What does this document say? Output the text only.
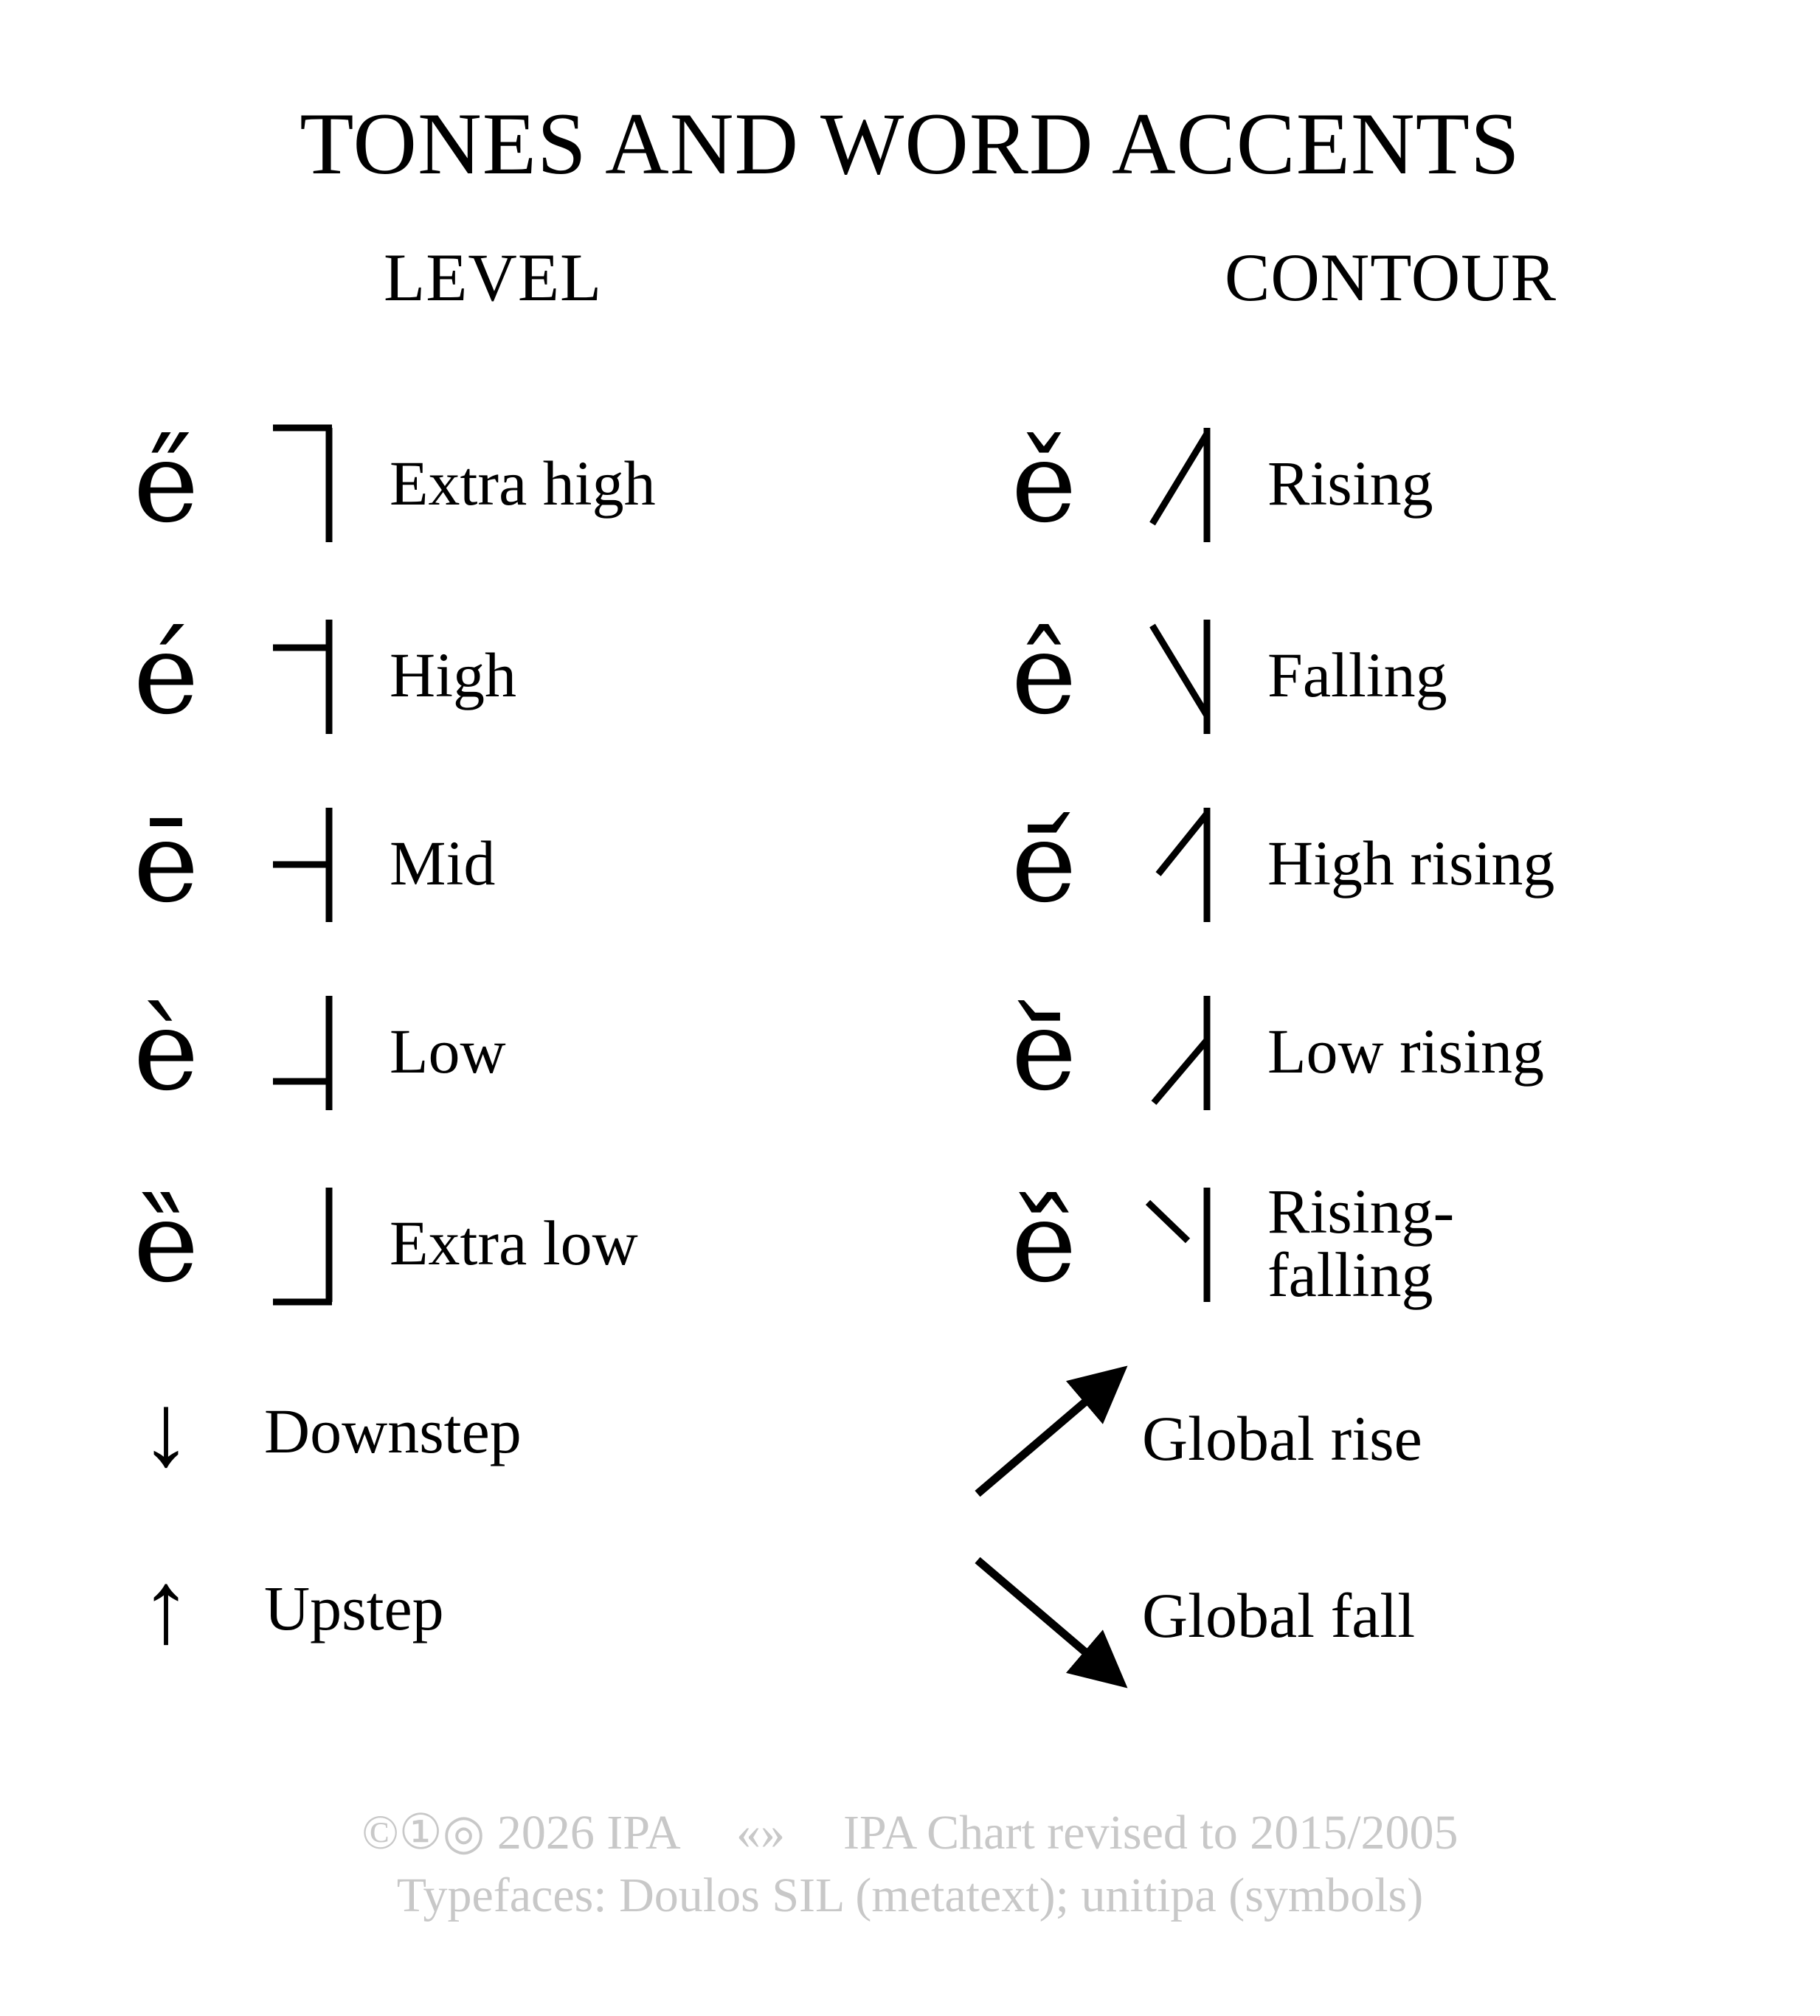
TONES AND WORD ACCENTS
LEVEL	CONTOUR
e̋	Extra high
é	High
ē	Mid
è	Low
ȅ	Extra low
↓	Downstep
↑	Upstep
ě	Rising
ê	Falling
e᷄	High rising
e᷅	Low rising
e᷈	Rising-falling
Global rise
Global fall
©①◎ 2026 IPA «» IPA Chart revised to 2015/2005
Typefaces: Doulos SIL (metatext); unitipa (symbols)
